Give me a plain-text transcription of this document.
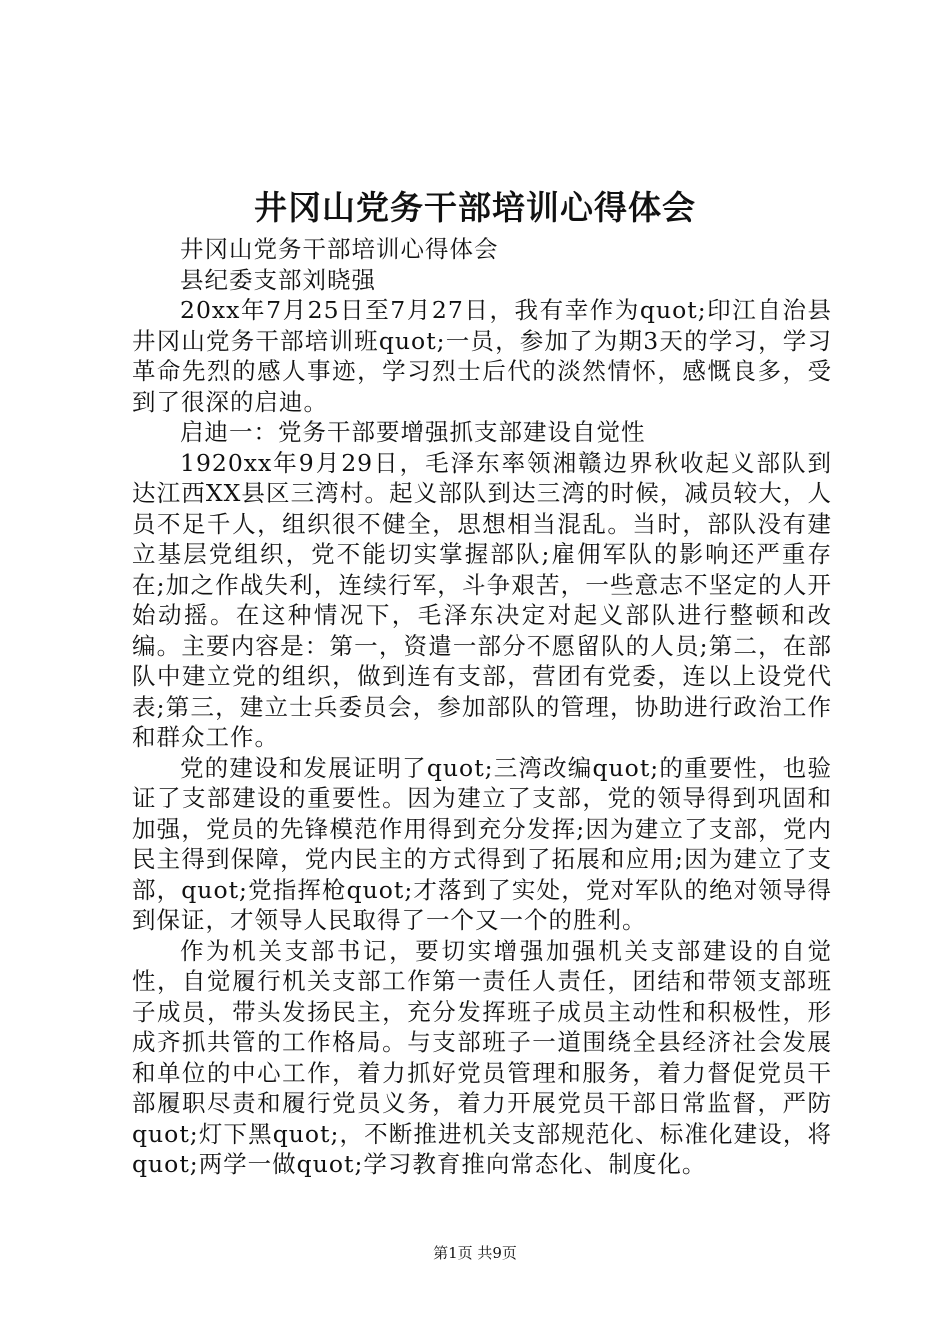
井冈山党务干部培训心得体会

井冈山党务干部培训心得体会

县纪委支部刘晓强

20xx年7月25日至7月27日，我有幸作为quot;印江自治县井冈山党务干部培训班quot;一员，参加了为期3天的学习，学习革命先烈的感人事迹，学习烈士后代的淡然情怀，感慨良多，受到了很深的启迪。

启迪一：党务干部要增强抓支部建设自觉性

1920xx年9月29日，毛泽东率领湘赣边界秋收起义部队到达江西XX县区三湾村。起义部队到达三湾的时候，减员较大，人员不足千人，组织很不健全，思想相当混乱。当时，部队没有建立基层党组织，党不能切实掌握部队;雇佣军队的影响还严重存在;加之作战失利，连续行军，斗争艰苦，一些意志不坚定的人开始动摇。在这种情况下，毛泽东决定对起义部队进行整顿和改编。主要内容是：第一，资遣一部分不愿留队的人员;第二，在部队中建立党的组织，做到连有支部，营团有党委，连以上设党代表;第三，建立士兵委员会，参加部队的管理，协助进行政治工作和群众工作。

党的建设和发展证明了quot;三湾改编quot;的重要性，也验证了支部建设的重要性。因为建立了支部，党的领导得到巩固和加强，党员的先锋模范作用得到充分发挥;因为建立了支部，党内民主得到保障，党内民主的方式得到了拓展和应用;因为建立了支部，quot;党指挥枪quot;才落到了实处，党对军队的绝对领导得到保证，才领导人民取得了一个又一个的胜利。

作为机关支部书记，要切实增强加强机关支部建设的自觉性，自觉履行机关支部工作第一责任人责任，团结和带领支部班子成员，带头发扬民主，充分发挥班子成员主动性和积极性，形成齐抓共管的工作格局。与支部班子一道围绕全县经济社会发展和单位的中心工作，着力抓好党员管理和服务，着力督促党员干部履职尽责和履行党员义务，着力开展党员干部日常监督，严防quot;灯下黑quot;，不断推进机关支部规范化、标准化建设，将quot;两学一做quot;学习教育推向常态化、制度化。

第1页 共9页
